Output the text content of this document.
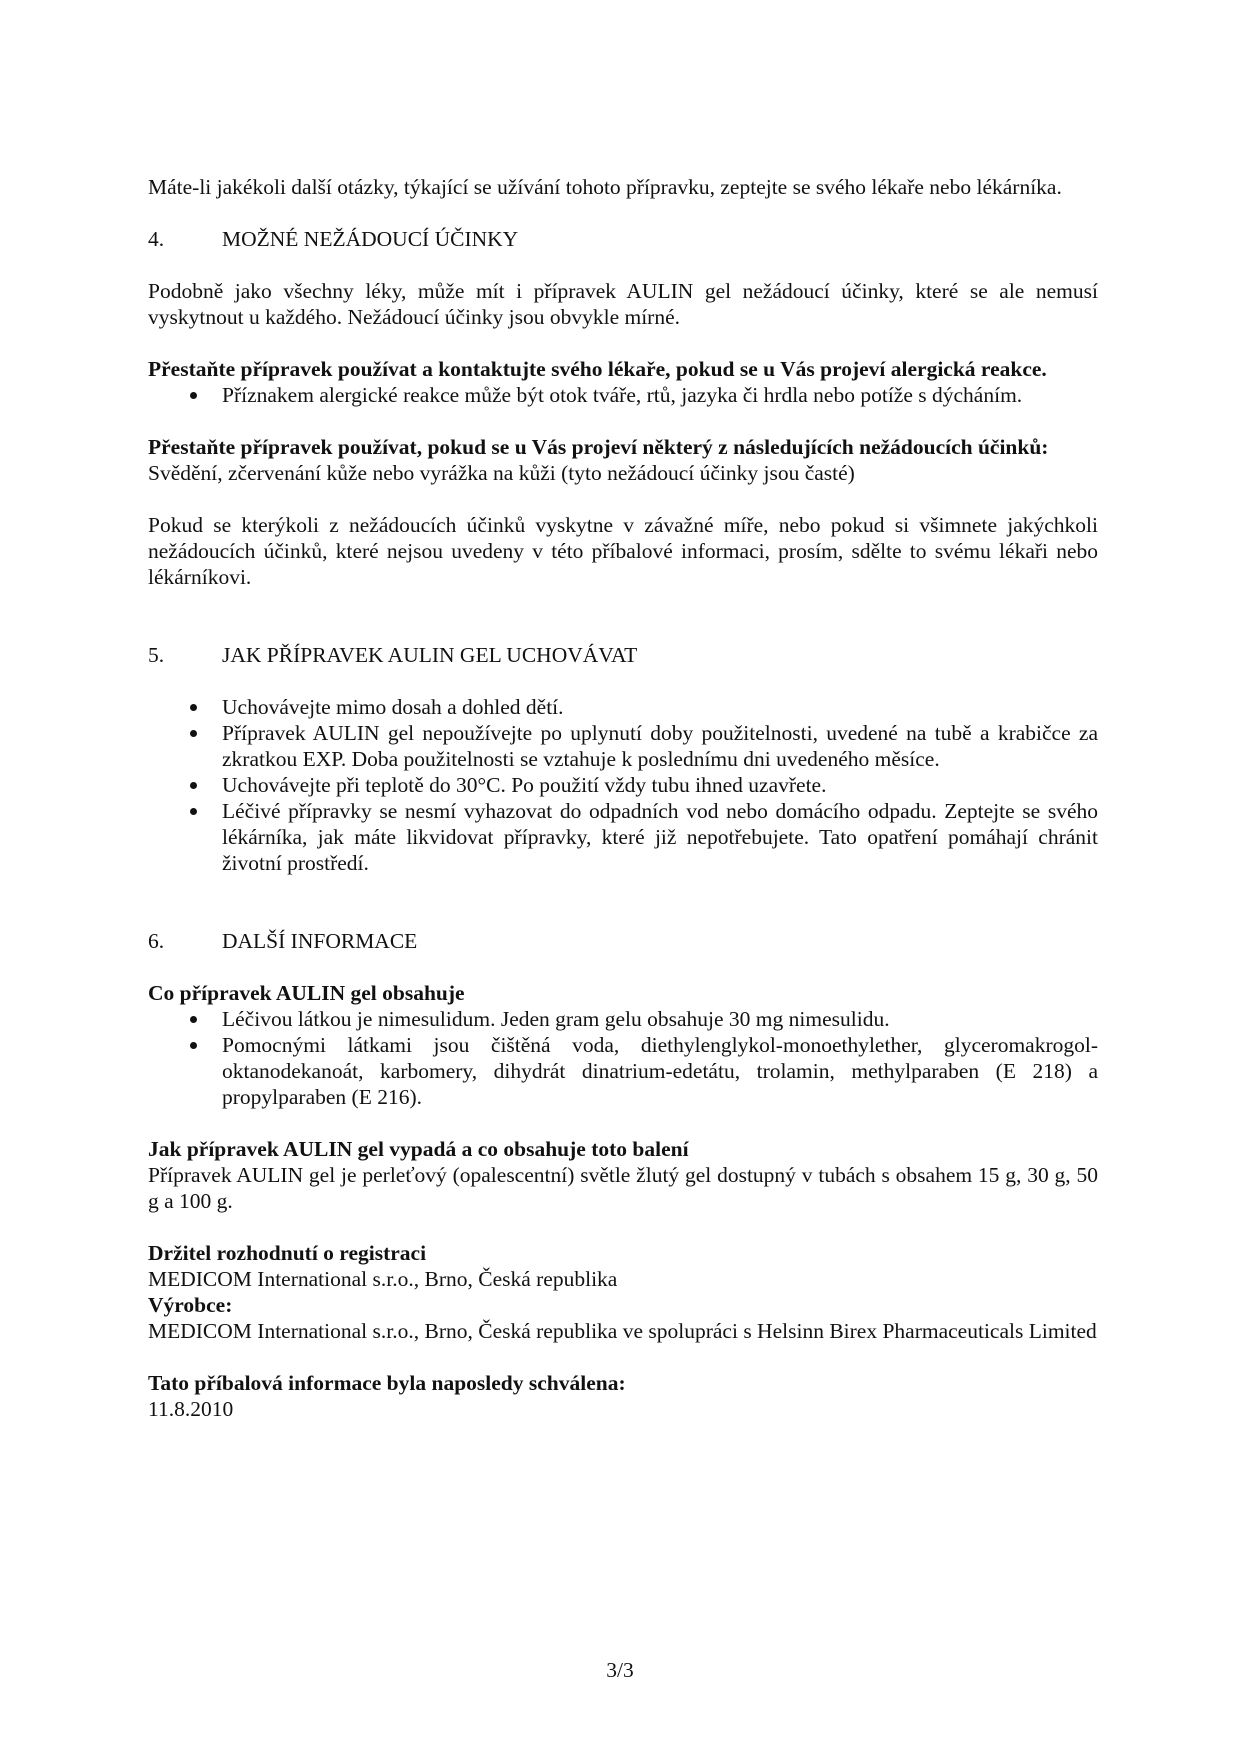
Máte-li jakékoli další otázky, týkající se užívání tohoto přípravku, zeptejte se svého lékaře nebo lékárníka.

4.	MOŽNÉ NEŽÁDOUCÍ ÚČINKY

Podobně jako všechny léky, může mít i přípravek AULIN gel nežádoucí účinky, které se ale nemusí vyskytnout u každého. Nežádoucí účinky jsou obvykle mírné.

Přestaňte přípravek používat a kontaktujte svého lékaře, pokud se u Vás projeví alergická reakce.

Příznakem alergické reakce může být otok tváře, rtů, jazyka či hrdla nebo potíže s dýcháním.

Přestaňte přípravek používat, pokud se u Vás projeví některý z následujících nežádoucích účinků:

Svědění, zčervenání kůže nebo vyrážka na kůži (tyto nežádoucí účinky jsou časté)

Pokud se kterýkoli z nežádoucích účinků vyskytne v závažné míře, nebo pokud si všimnete jakýchkoli nežádoucích účinků, které nejsou uvedeny v této příbalové informaci, prosím, sdělte to svému lékaři nebo lékárníkovi.

5.	JAK PŘÍPRAVEK AULIN GEL UCHOVÁVAT
Uchovávejte mimo dosah a dohled dětí.
Přípravek AULIN gel nepoužívejte po uplynutí doby použitelnosti, uvedené na tubě a krabičce za zkratkou EXP. Doba použitelnosti se vztahuje k poslednímu dni uvedeného měsíce.
Uchovávejte při teplotě do 30°C. Po použití vždy tubu ihned uzavřete.
Léčivé přípravky se nesmí vyhazovat do odpadních vod nebo domácího odpadu. Zeptejte se svého lékárníka, jak máte likvidovat přípravky, které již nepotřebujete. Tato opatření pomáhají chránit životní prostředí.
6.	DALŠÍ INFORMACE

Co přípravek AULIN gel obsahuje

Léčivou látkou je nimesulidum. Jeden gram gelu obsahuje 30 mg nimesulidu.
Pomocnými látkami jsou čištěná voda, diethylenglykol-monoethylether, glyceromakrogol-oktanodekanoát, karbomery, dihydrát dinatrium-edetátu, trolamin, methylparaben (E 218) a propylparaben (E 216).

Jak přípravek AULIN gel vypadá a co obsahuje toto balení

Přípravek AULIN gel je perleťový (opalescentní) světle žlutý gel dostupný v tubách s obsahem 15 g, 30 g, 50 g a 100 g.

Držitel rozhodnutí o registraci

MEDICOM International s.r.o., Brno, Česká republika

Výrobce:

MEDICOM International s.r.o., Brno, Česká republika ve spolupráci s Helsinn Birex Pharmaceuticals Limited

Tato příbalová informace byla naposledy schválena:

11.8.2010

3/3
